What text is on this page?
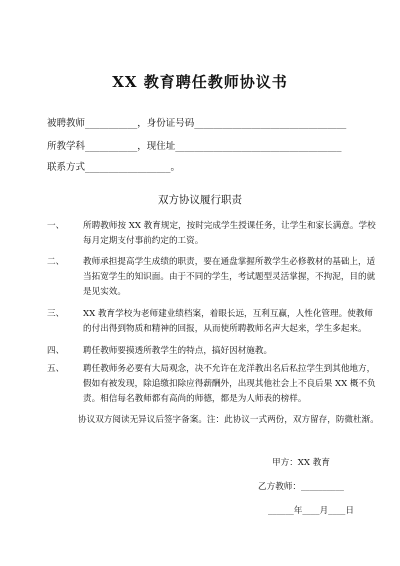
XX 教育聘任教师协议书
被聘教师___________，身份证号码________________________________
所教学科___________，现住址___________________________________
联系方式__________________。
双方协议履行职责
一、	所聘教师按 XX 教育规定，按时完成学生授课任务，让学生和家长满意。学校每月定期支付事前约定的工资。
二、	教师承担提高学生成绩的职责，要在通盘掌握所教学生必修教材的基础上，适当拓宽学生的知识面。由于不同的学生，考试题型灵活掌握，不拘泥，目的就是见实效。
三、	XX 教育学校为老师建业绩档案，着眼长远，互利互赢，人性化管理。使教师的付出得到物质和精神的回报，从而使所聘教师名声大起来，学生多起来。
四、	聘任教师要摸透所教学生的特点，搞好因材施教。
五、	聘任教师务必要有大局观念，决不允许在龙洋教出名后私拉学生到其他地方，假如有被发现，除追缴扣除应得薪酬外，出现其他社会上不良后果 XX 概不负责。相信每名教师都有高尚的师德，都是为人师表的榜样。
协议双方阅读无异议后签字备案。注：此协议一式两份，双方留存，防微杜渐。
甲方：XX 教育
乙方教师：__________
______年____月____日
